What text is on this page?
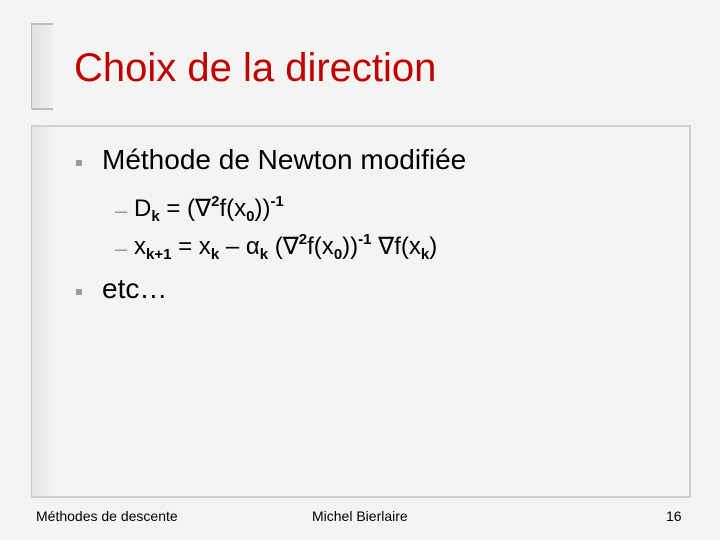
Choix de la direction
Méthode de Newton modifiée
– $D_k = (\nabla^2f(x_0))^{-1}$
– $x_{k+1} = x_k - \alpha_k$ $(\nabla^2f(x_0))^{-1}$ $\nabla f(x_k)$
etc…
Méthodes de descente	Michel Bierlaire	16
